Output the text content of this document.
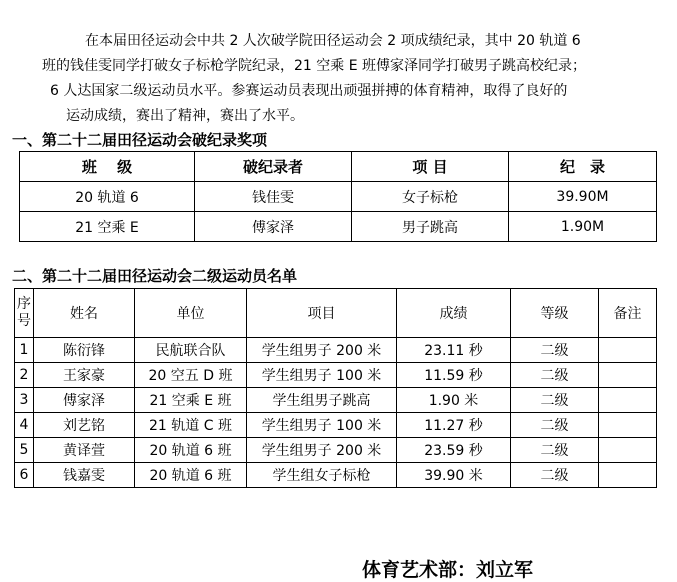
在本届田径运动会中共 2 人次破学院田径运动会 2 项成绩纪录，其中 20 轨道 6
班的钱佳雯同学打破女子标枪学院纪录，21 空乘 E 班傅家泽同学打破男子跳高校纪录；
6 人达国家二级运动员水平。参赛运动员表现出顽强拼搏的体育精神，取得了良好的
运动成绩，赛出了精神，赛出了水平。
一、第二十二届田径运动会破纪录奖项
班　 级	破纪录者	项 目	纪　录
20 轨道 6	钱佳雯	女子标枪	39.90M
21 空乘 E	傅家泽	男子跳高	1.90M
二、第二十二届田径运动会二级运动员名单
序
号	姓名	单位	项目	成绩	等级	备注
1	陈衍锋	民航联合队	学生组男子 200 米	23.11 秒	二级	
2	王家豪	20 空五 D 班	学生组男子 100 米	11.59 秒	二级	
3	傅家泽	21 空乘 E 班	学生组男子跳高	1.90 米	二级	
4	刘艺铭	21 轨道 C 班	学生组男子 100 米	11.27 秒	二级	
5	黄译萱	20 轨道 6 班	学生组男子 200 米	23.59 秒	二级	
6	钱嘉雯	20 轨道 6 班	学生组女子标枪	39.90 米	二级	
体育艺术部：刘立军
